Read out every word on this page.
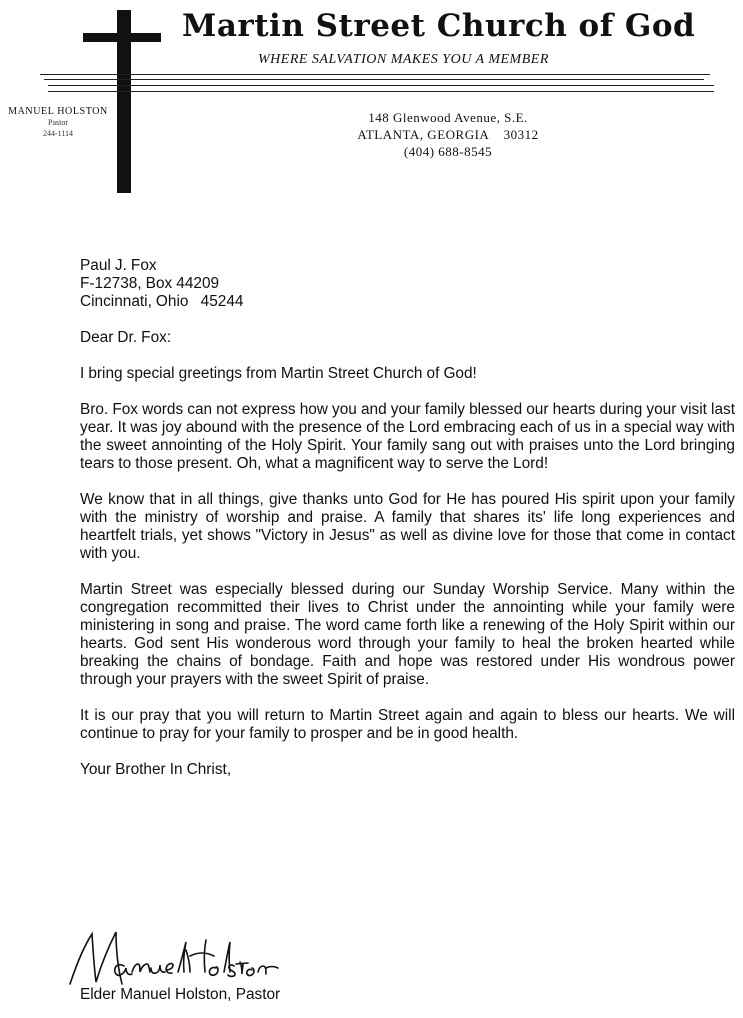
Martin Street Church of God
WHERE SALVATION MAKES YOU A MEMBER
MANUEL HOLSTON
Pastor
244-1114
148 Glenwood Avenue, S.E.
ATLANTA, GEORGIA    30312
(404) 688-8545

Paul J. Fox

F-12738, Box 44209

Cincinnati, Ohio   45244

Dear Dr. Fox:

I bring special greetings from Martin Street Church of God!

Bro. Fox words can not express how you and your family blessed our hearts during your visit last year. It was joy abound with the presence of the Lord embracing each of us in a special way with the sweet annointing of the Holy Spirit. Your family sang out with praises unto the Lord bringing tears to those present. Oh, what a magnificent way to serve the Lord!

We know that in all things, give thanks unto God for He has poured His spirit upon your family with the ministry of worship and praise. A family that shares its' life long experiences and heartfelt trials, yet shows "Victory in Jesus" as well as divine love for those that come in contact with you.

Martin Street was especially blessed during our Sunday Worship Service. Many within the congregation recommitted their lives to Christ under the annointing while your family were ministering in song and praise. The word came forth like a renewing of the Holy Spirit within our hearts. God sent His wonderous word through your family to heal the broken hearted while breaking the chains of bondage. Faith and hope was restored under His wondrous power through your prayers with the sweet Spirit of praise.

It is our pray that you will return to Martin Street again and again to bless our hearts. We will continue to pray for your family to prosper and be in good health.

Your Brother In Christ,

Elder Manuel Holston, Pastor
